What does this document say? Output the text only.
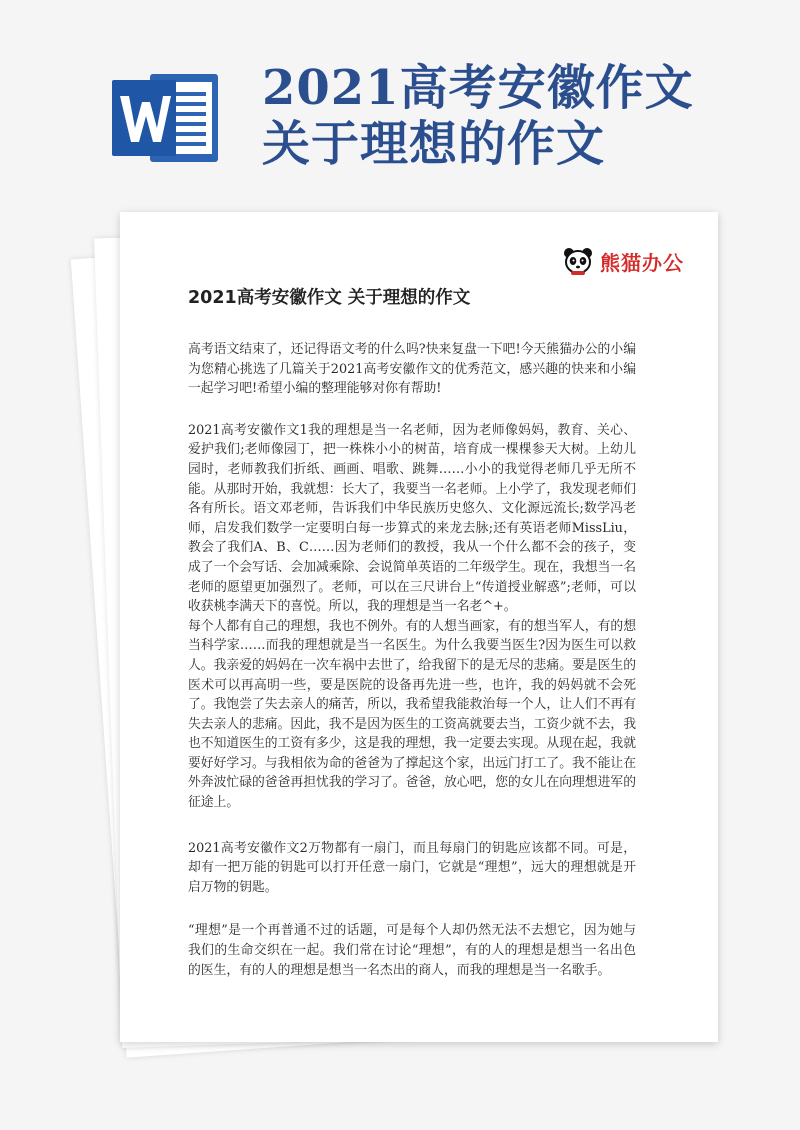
2021高考安徽作文
关于理想的作文
熊猫办公
2021高考安徽作文 关于理想的作文

高考语文结束了，还记得语文考的什么吗?快来复盘一下吧!今天熊猫办公的小编为您精心挑选了几篇关于2021高考安徽作文的优秀范文，感兴趣的快来和小编一起学习吧!希望小编的整理能够对你有帮助!

2021高考安徽作文1我的理想是当一名老师，因为老师像妈妈，教育、关心、爱护我们;老师像园丁，把一株株小小的树苗，培育成一棵棵参天大树。上幼儿园时，老师教我们折纸、画画、唱歌、跳舞……小小的我觉得老师几乎无所不能。从那时开始，我就想：长大了，我要当一名老师。上小学了，我发现老师们各有所长。语文邓老师，告诉我们中华民族历史悠久、文化源远流长;数学冯老师，启发我们数学一定要明白每一步算式的来龙去脉;还有英语老师MissLiu，教会了我们A、B、C……因为老师们的教授，我从一个什么都不会的孩子，变成了一个会写话、会加减乘除、会说简单英语的二年级学生。现在，我想当一名老师的愿望更加强烈了。老师，可以在三尺讲台上“传道授业解惑”;老师，可以收获桃李满天下的喜悦。所以，我的理想是当一名老^+。

每个人都有自己的理想，我也不例外。有的人想当画家，有的想当军人，有的想当科学家……而我的理想就是当一名医生。为什么我要当医生?因为医生可以救人。我亲爱的妈妈在一次车祸中去世了，给我留下的是无尽的悲痛。要是医生的医术可以再高明一些，要是医院的设备再先进一些，也许，我的妈妈就不会死了。我饱尝了失去亲人的痛苦，所以，我希望我能救治每一个人，让人们不再有失去亲人的悲痛。因此，我不是因为医生的工资高就要去当，工资少就不去，我也不知道医生的工资有多少，这是我的理想，我一定要去实现。从现在起，我就要好好学习。与我相依为命的爸爸为了撑起这个家，出远门打工了。我不能让在外奔波忙碌的爸爸再担忧我的学习了。爸爸，放心吧，您的女儿在向理想进军的征途上。

2021高考安徽作文2万物都有一扇门，而且每扇门的钥匙应该都不同。可是，却有一把万能的钥匙可以打开任意一扇门，它就是“理想”，远大的理想就是开启万物的钥匙。

“理想”是一个再普通不过的话题，可是每个人却仍然无法不去想它，因为她与我们的生命交织在一起。我们常在讨论“理想”，有的人的理想是想当一名出色的医生，有的人的理想是想当一名杰出的商人，而我的理想是当一名歌手。
